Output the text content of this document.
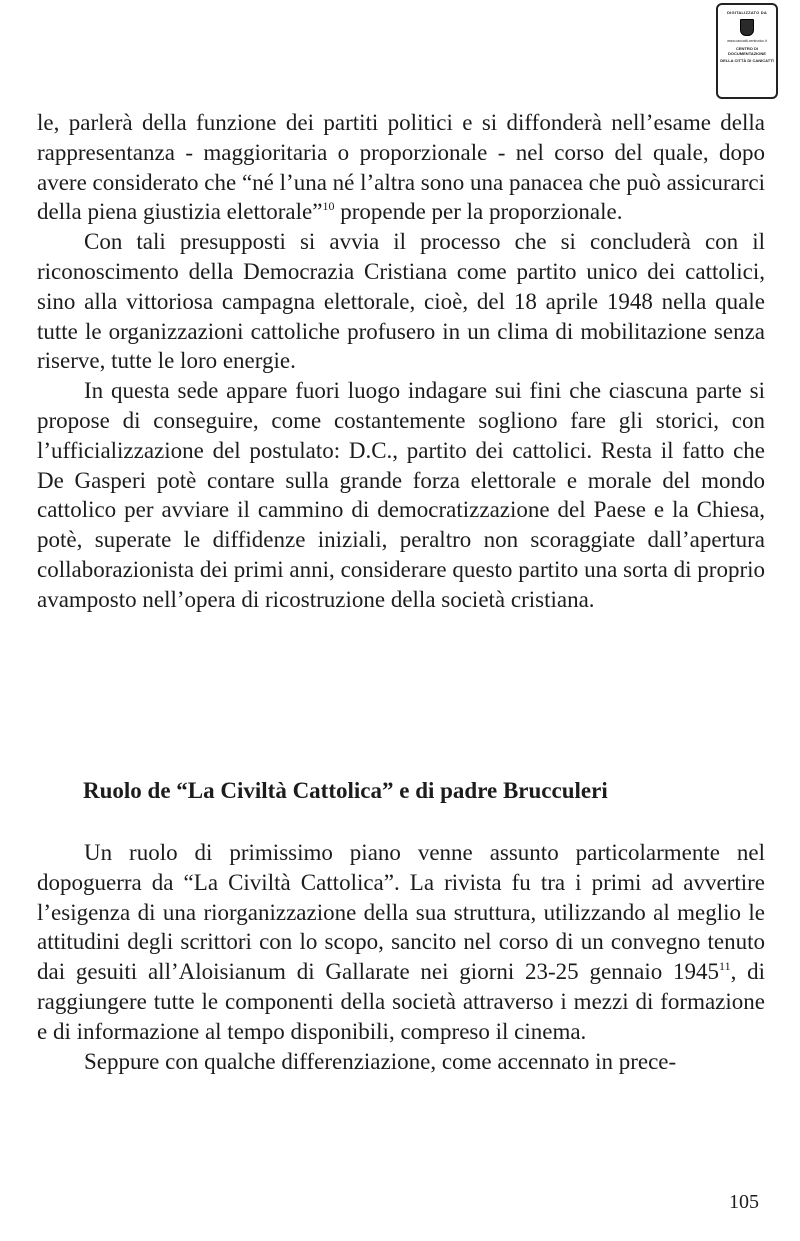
DIGITALIZZATO DA
www.cancatti-centrodoc.it
CENTRO DI DOCUMENTAZIONE
DELLA CITTÀ DI CANICATTÌ

le, parlerà della funzione dei partiti politici e si diffonderà nell’esame della rappresentanza - maggioritaria o proporzionale - nel corso del quale, dopo avere considerato che “né l’una né l’altra sono una panacea che può assicurarci della piena giustizia elettorale”$^{10}$ propende per la proporzionale.

Con tali presupposti si avvia il processo che si concluderà con il riconoscimento della Democrazia Cristiana come partito unico dei cattolici, sino alla vittoriosa campagna elettorale, cioè, del 18 aprile 1948 nella quale tutte le organizzazioni cattoliche profusero in un clima di mobilitazione senza riserve, tutte le loro energie.

In questa sede appare fuori luogo indagare sui fini che ciascuna parte si propose di conseguire, come costantemente sogliono fare gli storici, con l’ufficializzazione del postulato: D.C., partito dei cattolici. Resta il fatto che De Gasperi potè contare sulla grande forza elettorale e morale del mondo cattolico per avviare il cammino di democratizzazione del Paese e la Chiesa, potè, superate le diffidenze iniziali, peraltro non scoraggiate dall’apertura collaborazionista dei primi anni, considerare questo partito una sorta di proprio avamposto nell’opera di ricostruzione della società cristiana.

Ruolo de “La Civiltà Cattolica” e di padre Brucculeri

Un ruolo di primissimo piano venne assunto particolarmente nel dopoguerra da “La Civiltà Cattolica”. La rivista fu tra i primi ad avvertire l’esigenza di una riorganizzazione della sua struttura, utilizzando al meglio le attitudini degli scrittori con lo scopo, sancito nel corso di un convegno tenuto dai gesuiti all’Aloisianum di Gallarate nei giorni 23-25 gennaio 1945$^{11}$, di raggiungere tutte le componenti della società attraverso i mezzi di formazione e di informazione al tempo disponibili, compreso il cinema.

Seppure con qualche differenziazione, come accennato in prece-

105
